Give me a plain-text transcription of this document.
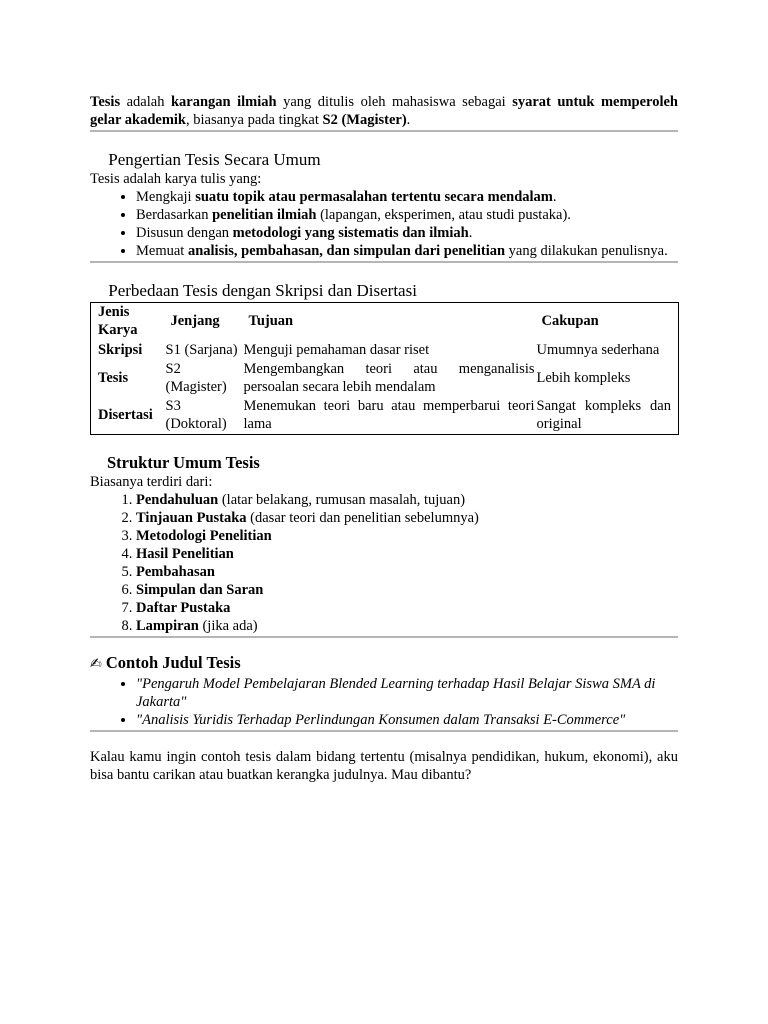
Tesis adalah karangan ilmiah yang ditulis oleh mahasiswa sebagai syarat untuk memperoleh gelar akademik, biasanya pada tingkat S2 (Magister).

Pengertian Tesis Secara Umum

Tesis adalah karya tulis yang:

• Mengkaji suatu topik atau permasalahan tertentu secara mendalam.
• Berdasarkan penelitian ilmiah (lapangan, eksperimen, atau studi pustaka).
• Disusun dengan metodologi yang sistematis dan ilmiah.
• Memuat analisis, pembahasan, dan simpulan dari penelitian yang dilakukan penulisnya.
Perbedaan Tesis dengan Skripsi dan Disertasi
Jenis Karya	Jenjang	Tujuan	Cakupan
Skripsi	S1 (Sarjana)	Menguji pemahaman dasar riset	Umumnya sederhana
Tesis	S2 (Magister)	Mengembangkan teori atau menganalisis persoalan secara lebih mendalam	Lebih kompleks
Disertasi	S3 (Doktoral)	Menemukan teori baru atau memperbarui teori lama	Sangat kompleks dan original
Struktur Umum Tesis

Biasanya terdiri dari:

1. Pendahuluan (latar belakang, rumusan masalah, tujuan)
2. Tinjauan Pustaka (dasar teori dan penelitian sebelumnya)
3. Metodologi Penelitian
4. Hasil Penelitian
5. Pembahasan
6. Simpulan dan Saran
7. Daftar Pustaka
8. Lampiran (jika ada)
✍ Contoh Judul Tesis
• "Pengaruh Model Pembelajaran Blended Learning terhadap Hasil Belajar Siswa SMA di Jakarta"
• "Analisis Yuridis Terhadap Perlindungan Konsumen dalam Transaksi E-Commerce"

Kalau kamu ingin contoh tesis dalam bidang tertentu (misalnya pendidikan, hukum, ekonomi), aku bisa bantu carikan atau buatkan kerangka judulnya. Mau dibantu?
